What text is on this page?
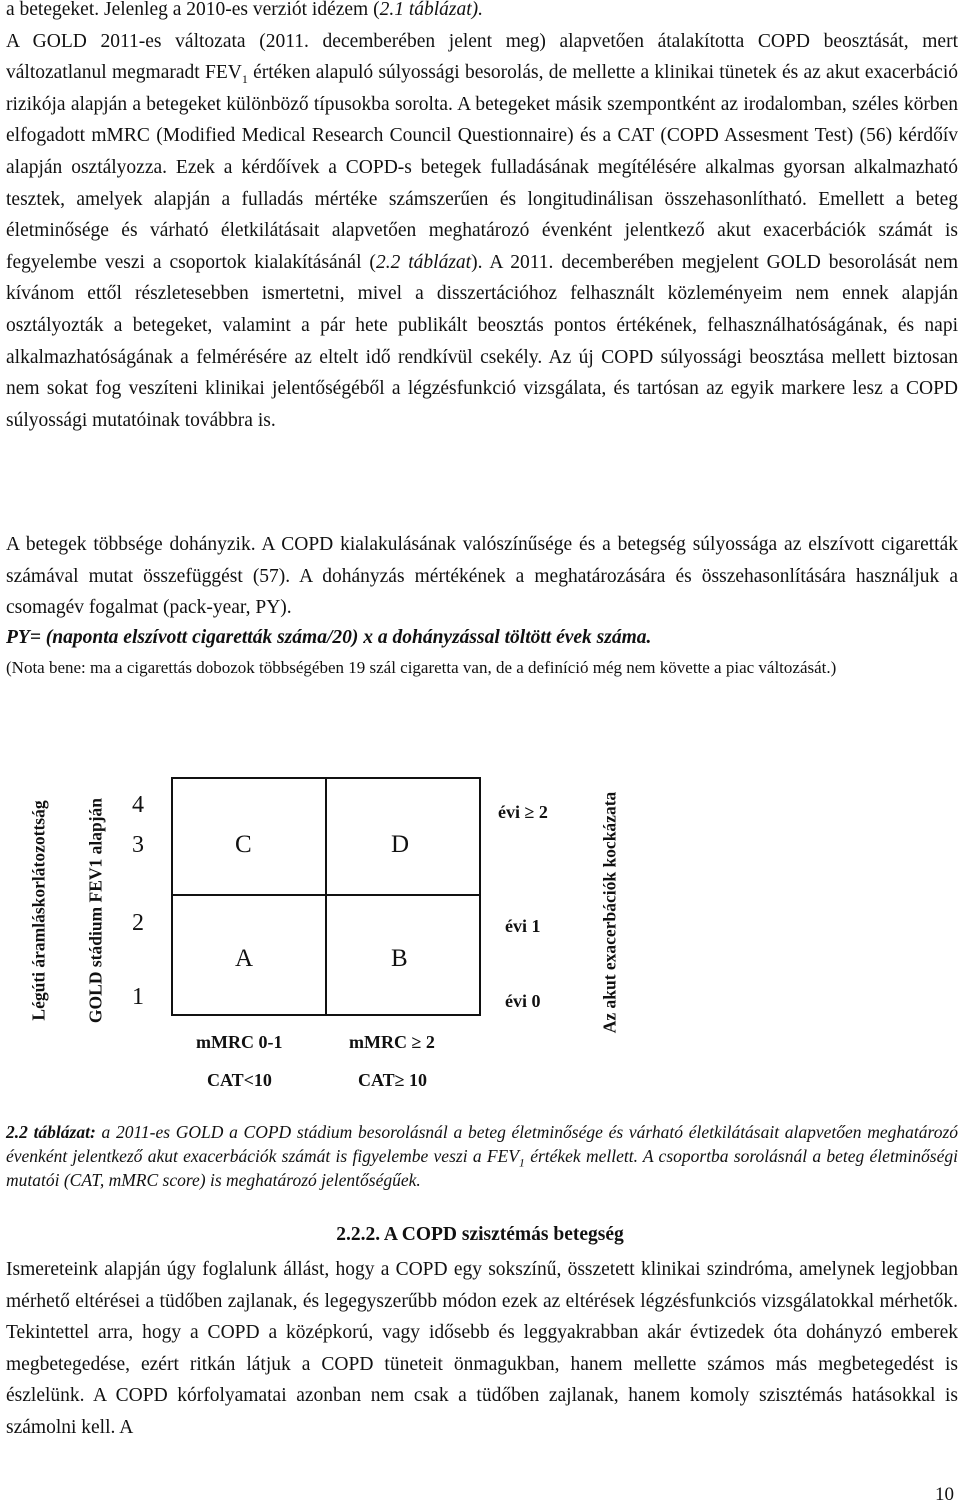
a betegeket. Jelenleg a 2010-es verziót idézem (2.1 táblázat).
A GOLD 2011-es változata (2011. decemberében jelent meg) alapvetően átalakította COPD beosztását, mert változatlanul megmaradt $FEV_1$ értéken alapuló súlyossági besorolás, de mellette a klinikai tünetek és az akut exacerbáció rizikója alapján a betegeket különböző típusokba sorolta. A betegeket másik szempontként az irodalomban, széles körben elfogadott mMRC (Modified Medical Research Council Questionnaire) és a CAT (COPD Assesment Test) (56) kérdőív alapján osztályozza. Ezek a kérdőívek a COPD-s betegek fulladásának megítélésére alkalmas gyorsan alkalmazható tesztek, amelyek alapján a fulladás mértéke számszerűen és longitudinálisan összehasonlítható. Emellett a beteg életminősége és várható életkilátásait alapvetően meghatározó évenként jelentkező akut exacerbációk számát is fegyelembe veszi a csoportok kialakításánál (2.2 táblázat). A 2011. decemberében megjelent GOLD besorolását nem kívánom ettől részletesebben ismertetni, mivel a disszertációhoz felhasznált közleményeim nem ennek alapján osztályozták a betegeket, valamint a pár hete publikált beosztás pontos értékének, felhasználhatóságának, és napi alkalmazhatóságának a felmérésére az eltelt idő rendkívül csekély. Az új COPD súlyossági beosztása mellett biztosan nem sokat fog veszíteni klinikai jelentőségéből a légzésfunkció vizsgálata, és tartósan az egyik markere lesz a COPD súlyossági mutatóinak továbbra is.

A betegek többsége dohányzik. A COPD kialakulásának valószínűsége és a betegség súlyossága az elszívott cigaretták számával mutat összefüggést (57). A dohányzás mértékének a meghatározására és összehasonlítására használjuk a csomagév fogalmat (pack-year, PY).

PY= (naponta elszívott cigaretták száma/20) x a dohányzással töltött évek száma.

(Nota bene: ma a cigarettás dobozok többségében 19 szál cigaretta van, de a definíció még nem követte a piac változását.)

Légúti áramláskorlátozottság GOLD stádium FEV1 alapján 4
3
2
1
C	D
A	B
mMRC 0-1	mMRC ≥ 2
CAT<10	CAT≥ 10
évi ≥ 2
évi 1
évi 0	Az akut exacerbációk kockázata

2.2 táblázat: a 2011-es GOLD a COPD stádium besorolásnál a beteg életminősége és várható életkilátásait alapvetően meghatározó évenként jelentkező akut exacerbációk számát is figyelembe veszi a $FEV_1$ értékek mellett. A csoportba sorolásnál a beteg életminőségi mutatói (CAT, mMRC score) is meghatározó jelentőségűek.

2.2.2. A COPD szisztémás betegség

Ismereteink alapján úgy foglalunk állást, hogy a COPD egy sokszínű, összetett klinikai szindróma, amelynek legjobban mérhető eltérései a tüdőben zajlanak, és legegyszerűbb módon ezek az eltérések légzésfunkciós vizsgálatokkal mérhetők. Tekintettel arra, hogy a COPD a középkorú, vagy idősebb és leggyakrabban akár évtizedek óta dohányzó emberek megbetegedése, ezért ritkán látjuk a COPD tüneteit önmagukban, hanem mellette számos más megbetegedést is észlelünk. A COPD kórfolyamatai azonban nem csak a tüdőben zajlanak, hanem komoly szisztémás hatásokkal is számolni kell. A

10
